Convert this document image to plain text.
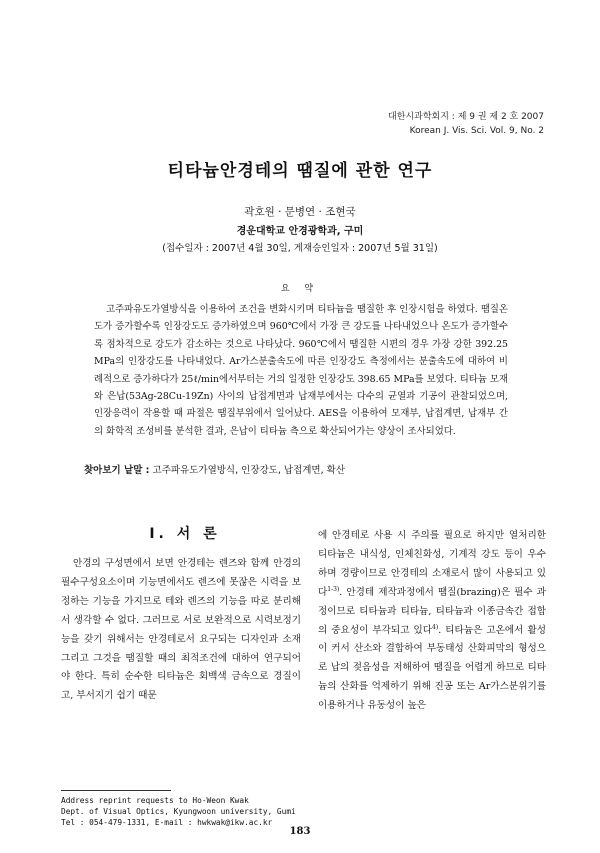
대한시과학회지 : 제 9 권 제 2 호 2007
Korean J. Vis. Sci. Vol. 9, No. 2
티타늄안경테의 땜질에 관한 연구
곽호원 · 문병연 · 조현국
경운대학교 안경광학과, 구미
(접수일자 : 2007년 4월 30일, 게재승인일자 : 2007년 5월 31일)
요 약

고주파유도가열방식을 이용하여 조건을 변화시키며 티타늄을 땜질한 후 인장시험을 하였다. 땜질온도가 증가할수록 인장강도도 증가하였으며 960℃에서 가장 큰 강도를 나타내었으나 온도가 증가할수록 점차적으로 강도가 감소하는 것으로 나타났다. 960℃에서 땜질한 시편의 경우 가장 강한 392.25 MPa의 인장강도를 나타내었다. Ar가스분출속도에 따른 인장강도 측정에서는 분출속도에 대하여 비례적으로 증가하다가 25ℓ/min에서부터는 거의 일정한 인장강도 398.65 MPa를 보였다. 티타늄 모재와 은납(53Ag-28Cu-19Zn) 사이의 납접계면과 납재부에서는 다수의 균열과 기공이 관찰되었으며, 인장응력이 작용할 때 파절은 땜질부위에서 일어났다. AES을 이용하여 모재부, 납접계면, 납재부 간의 화학적 조성비를 분석한 결과, 은납이 티타늄 측으로 확산되어가는 양상이 조사되었다.

찾아보기 낱말 : 고주파유도가열방식, 인장강도, 납접계면, 확산
I. 서 론

안경의 구성면에서 보면 안경테는 렌즈와 함께 안경의 필수구성요소이며 기능면에서도 렌즈에 못잖은 시력을 보정하는 기능을 가지므로 테와 렌즈의 기능을 따로 분리해서 생각할 수 없다. 그러므로 서로 보완적으로 시력보정기능을 갖기 위해서는 안경테로서 요구되는 디자인과 소재 그리고 그것을 땜질할 때의 최적조건에 대하여 연구되어야 한다. 특히 순수한 티타늄은 회백색 금속으로 경질이고, 부서지기 쉽기 때문

에 안경테로 사용 시 주의를 필요로 하지만 열처리한 티타늄은 내식성, 인체친화성, 기계적 강도 등이 우수하며 경량이므로 안경테의 소재로서 많이 사용되고 있다$^{1-3)}$. 안경테 제작과정에서 땜질(brazing)은 필수 과정이므로 티타늄과 티타늄, 티타늄과 이종금속간 접합의 중요성이 부각되고 있다$^{4)}$. 티타늄은 고온에서 활성이 커서 산소와 결합하여 부동태성 산화피막의 형성으로 납의 젖음성을 저해하여 땜질을 어렵게 하므로 티타늄의 산화를 억제하기 위해 진공 또는 Ar가스분위기를 이용하거나 유동성이 높은

Address reprint requests to Ho-Weon Kwak
Dept. of Visual Optics, Kyungwoon university, Gumi
Tel : 054-479-1331, E-mail : hwkwak@ikw.ac.kr
183
